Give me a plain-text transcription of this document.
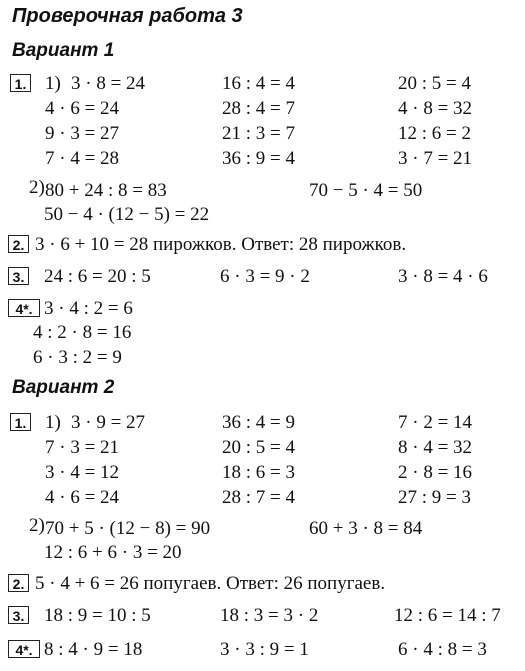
Проверочная работа 3
Вариант 1
1. 1) 3 · 8 = 24	16 : 4 = 4	20 : 5 = 4
4 · 6 = 24	28 : 4 = 7	4 · 8 = 32
9 · 3 = 27	21 : 3 = 7	12 : 6 = 2
7 · 4 = 28	36 : 9 = 4	3 · 7 = 21
2) 80 + 24 : 8 = 83	70 − 5 · 4 = 50
50 − 4 · (12 − 5) = 22
2. 3 · 6 + 10 = 28 пирожков. Ответ: 28 пирожков.
3. 24 : 6 = 20 : 5	6 · 3 = 9 · 2	3 · 8 = 4 · 6
4*. 3 · 4 : 2 = 6
4 : 2 · 8 = 16
6 · 3 : 2 = 9
Вариант 2
1. 1) 3 · 9 = 27	36 : 4 = 9	7 · 2 = 14
7 · 3 = 21	20 : 5 = 4	8 · 4 = 32
3 · 4 = 12	18 : 6 = 3	2 · 8 = 16
4 · 6 = 24	28 : 7 = 4	27 : 9 = 3
2) 70 + 5 · (12 − 8) = 90	60 + 3 · 8 = 84
12 : 6 + 6 · 3 = 20
2. 5 · 4 + 6 = 26 попугаев. Ответ: 26 попугаев.
3. 18 : 9 = 10 : 5	18 : 3 = 3 · 2	12 : 6 = 14 : 7
4*. 8 : 4 · 9 = 18	3 · 3 : 9 = 1	6 · 4 : 8 = 3
